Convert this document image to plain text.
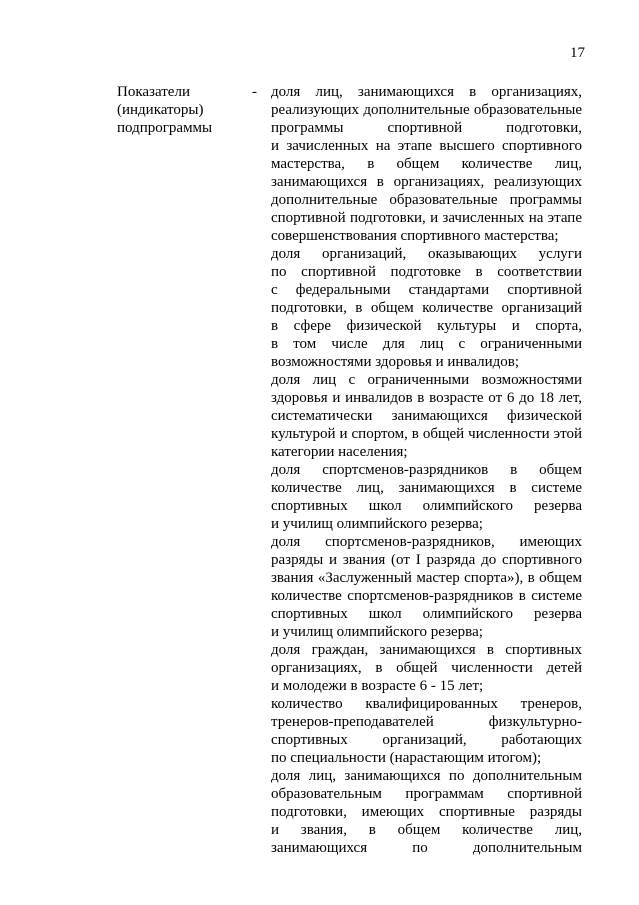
17
Показатели
(индикаторы)
подпрограммы
- доля лиц, занимающихся в организациях,
реализующих дополнительные образовательные
программы спортивной подготовки,
и зачисленных на этапе высшего спортивного
мастерства, в общем количестве лиц,
занимающихся в организациях, реализующих
дополнительные образовательные программы
спортивной подготовки, и зачисленных на этапе
совершенствования спортивного мастерства;
доля организаций, оказывающих услуги
по спортивной подготовке в соответствии
с федеральными стандартами спортивной
подготовки, в общем количестве организаций
в сфере физической культуры и спорта,
в том числе для лиц с ограниченными
возможностями здоровья и инвалидов;
доля лиц с ограниченными возможностями
здоровья и инвалидов в возрасте от 6 до 18 лет,
систематически занимающихся физической
культурой и спортом, в общей численности этой
категории населения;
доля спортсменов-разрядников в общем
количестве лиц, занимающихся в системе
спортивных школ олимпийского резерва
и училищ олимпийского резерва;
доля спортсменов-разрядников, имеющих
разряды и звания (от I разряда до спортивного
звания «Заслуженный мастер спорта»), в общем
количестве спортсменов-разрядников в системе
спортивных школ олимпийского резерва
и училищ олимпийского резерва;
доля граждан, занимающихся в спортивных
организациях, в общей численности детей
и молодежи в возрасте 6 - 15 лет;
количество квалифицированных тренеров,
тренеров-преподавателей физкультурно-
спортивных организаций, работающих
по специальности (нарастающим итогом);
доля лиц, занимающихся по дополнительным
образовательным программам спортивной
подготовки, имеющих спортивные разряды
и звания, в общем количестве лиц,
занимающихся по дополнительным
